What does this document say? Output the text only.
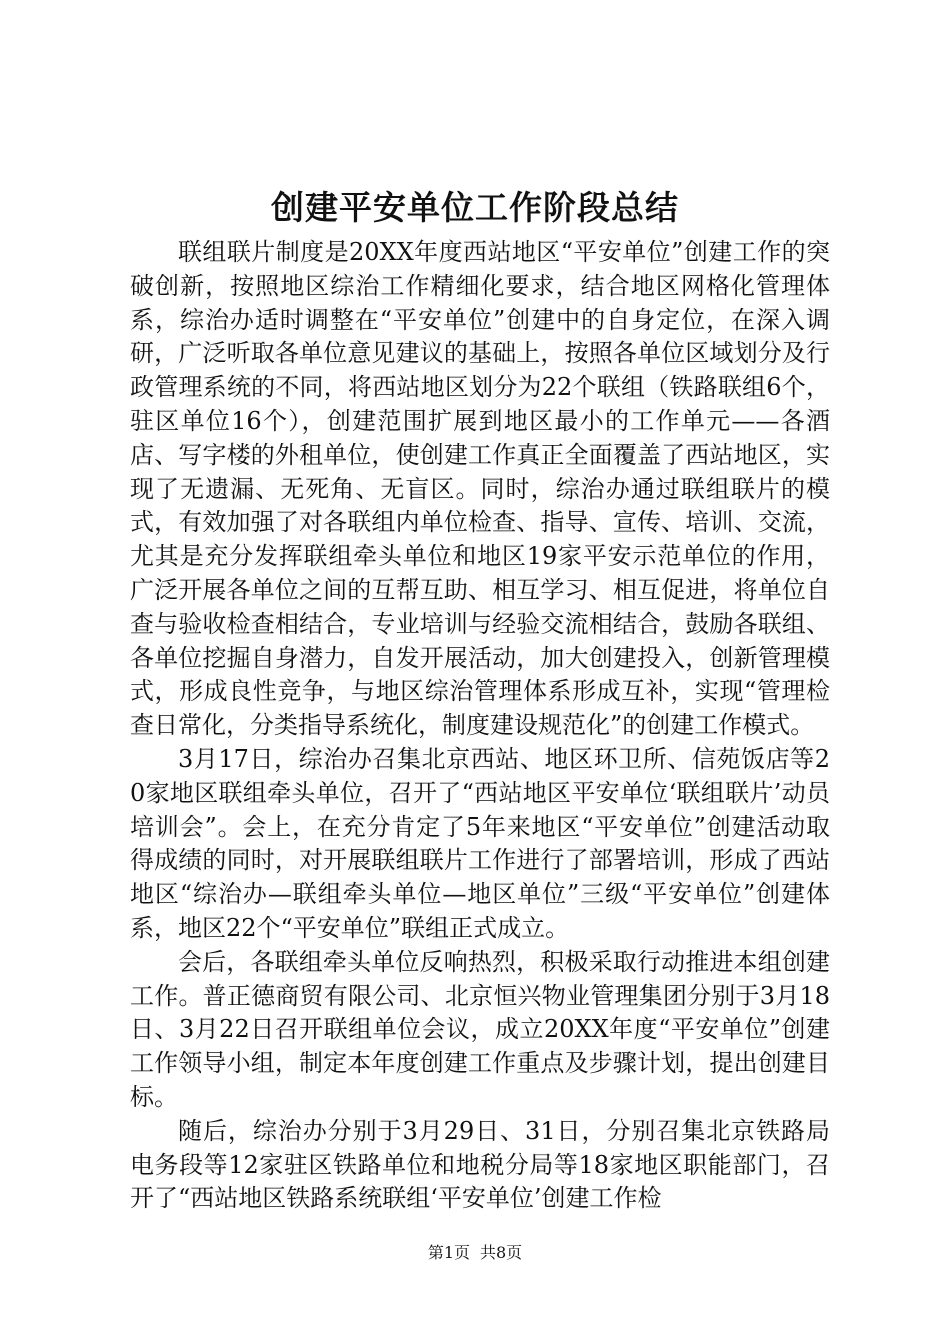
创建平安单位工作阶段总结

联组联片制度是20XX年度西站地区“平安单位”创建工作的突破创新，按照地区综治工作精细化要求，结合地区网格化管理体系，综治办适时调整在“平安单位”创建中的自身定位，在深入调研，广泛听取各单位意见建议的基础上，按照各单位区域划分及行政管理系统的不同，将西站地区划分为22个联组（铁路联组6个，驻区单位16个），创建范围扩展到地区最小的工作单元——各酒店、写字楼的外租单位，使创建工作真正全面覆盖了西站地区，实现了无遗漏、无死角、无盲区。同时，综治办通过联组联片的模式，有效加强了对各联组内单位检查、指导、宣传、培训、交流，尤其是充分发挥联组牵头单位和地区19家平安示范单位的作用，广泛开展各单位之间的互帮互助、相互学习、相互促进，将单位自查与验收检查相结合，专业培训与经验交流相结合，鼓励各联组、各单位挖掘自身潜力，自发开展活动，加大创建投入，创新管理模式，形成良性竞争，与地区综治管理体系形成互补，实现“管理检查日常化，分类指导系统化，制度建设规范化”的创建工作模式。

3月17日，综治办召集北京西站、地区环卫所、信苑饭店等20家地区联组牵头单位，召开了“西站地区平安单位‘联组联片’动员培训会”。会上，在充分肯定了5年来地区“平安单位”创建活动取得成绩的同时，对开展联组联片工作进行了部署培训，形成了西站地区“综治办—联组牵头单位—地区单位”三级“平安单位”创建体系，地区22个“平安单位”联组正式成立。

会后，各联组牵头单位反响热烈，积极采取行动推进本组创建工作。普正德商贸有限公司、北京恒兴物业管理集团分别于3月18日、3月22日召开联组单位会议，成立20XX年度“平安单位”创建工作领导小组，制定本年度创建工作重点及步骤计划，提出创建目标。

随后，综治办分别于3月29日、31日，分别召集北京铁路局电务段等12家驻区铁路单位和地税分局等18家地区职能部门，召开了“西站地区铁路系统联组‘平安单位’创建工作检

第1页 共8页
